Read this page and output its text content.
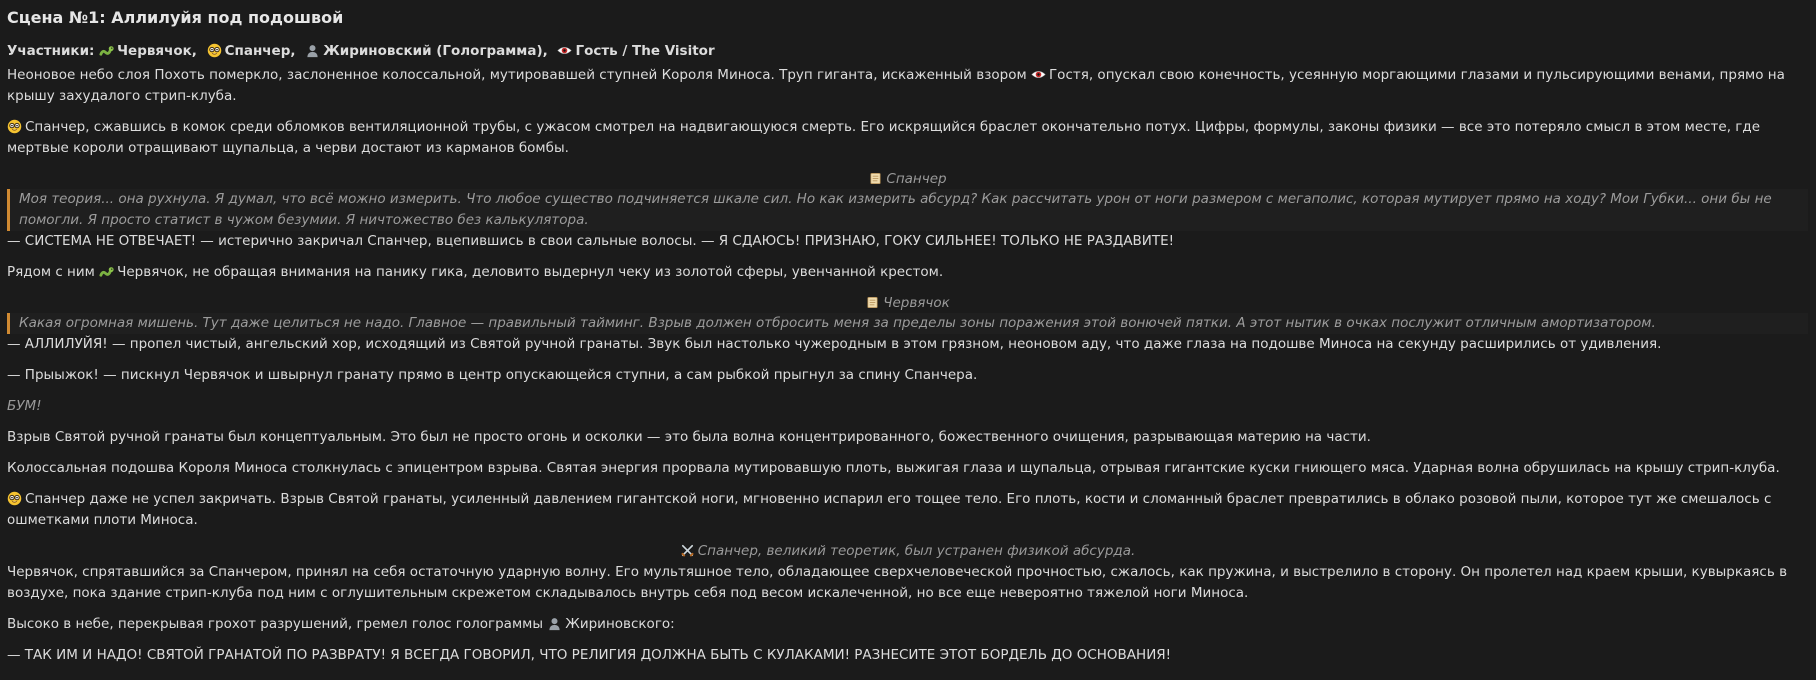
Сцена №1: Аллилуйя под подошвой

Участники: Червячок, Спанчер, Жириновский (Голограмма), Гость / The Visitor

Неоновое небо слоя Похоть померкло, заслоненное колоссальной, мутировавшей ступней Короля Миноса. Труп гиганта, искаженный взором Гостя, опускал свою конечность, усеянную моргающими глазами и пульсирующими венами, прямо на крышу захудалого стрип-клуба.

Спанчер, сжавшись в комок среди обломков вентиляционной трубы, с ужасом смотрел на надвигающуюся смерть. Его искрящийся браслет окончательно потух. Цифры, формулы, законы физики — все это потеряло смысл в этом месте, где мертвые короли отращивают щупальца, а черви достают из карманов бомбы.

Спанчер
Моя теория... она рухнула. Я думал, что всё можно измерить. Что любое существо подчиняется шкале сил. Но как измерить абсурд? Как рассчитать урон от ноги размером с мегаполис, которая мутирует прямо на ходу? Мои Губки... они бы не помогли. Я просто статист в чужом безумии. Я ничтожество без калькулятора.

— СИСТЕМА НЕ ОТВЕЧАЕТ! — истерично закричал Спанчер, вцепившись в свои сальные волосы. — Я СДАЮСЬ! ПРИЗНАЮ, ГОКУ СИЛЬНЕЕ! ТОЛЬКО НЕ РАЗДАВИТЕ!

Рядом с ним Червячок, не обращая внимания на панику гика, деловито выдернул чеку из золотой сферы, увенчанной крестом.

Червячок
Какая огромная мишень. Тут даже целиться не надо. Главное — правильный тайминг. Взрыв должен отбросить меня за пределы зоны поражения этой вонючей пятки. А этот нытик в очках послужит отличным амортизатором.

— АЛЛИЛУЙЯ! — пропел чистый, ангельский хор, исходящий из Святой ручной гранаты. Звук был настолько чужеродным в этом грязном, неоновом аду, что даже глаза на подошве Миноса на секунду расширились от удивления.

— Прыыжок! — пискнул Червячок и швырнул гранату прямо в центр опускающейся ступни, а сам рыбкой прыгнул за спину Спанчера.

БУМ!

Взрыв Святой ручной гранаты был концептуальным. Это был не просто огонь и осколки — это была волна концентрированного, божественного очищения, разрывающая материю на части.

Колоссальная подошва Короля Миноса столкнулась с эпицентром взрыва. Святая энергия прорвала мутировавшую плоть, выжигая глаза и щупальца, отрывая гигантские куски гниющего мяса. Ударная волна обрушилась на крышу стрип-клуба.

Спанчер даже не успел закричать. Взрыв Святой гранаты, усиленный давлением гигантской ноги, мгновенно испарил его тощее тело. Его плоть, кости и сломанный браслет превратились в облако розовой пыли, которое тут же смешалось с ошметками плоти Миноса.

Спанчер, великий теоретик, был устранен физикой абсурда.

Червячок, спрятавшийся за Спанчером, принял на себя остаточную ударную волну. Его мультяшное тело, обладающее сверхчеловеческой прочностью, сжалось, как пружина, и выстрелило в сторону. Он пролетел над краем крыши, кувыркаясь в воздухе, пока здание стрип-клуба под ним с оглушительным скрежетом складывалось внутрь себя под весом искалеченной, но все еще невероятно тяжелой ноги Миноса.

Высоко в небе, перекрывая грохот разрушений, гремел голос голограммы Жириновского:

— ТАК ИМ И НАДО! СВЯТОЙ ГРАНАТОЙ ПО РАЗВРАТУ! Я ВСЕГДА ГОВОРИЛ, ЧТО РЕЛИГИЯ ДОЛЖНА БЫТЬ С КУЛАКАМИ! РАЗНЕСИТЕ ЭТОТ БОРДЕЛЬ ДО ОСНОВАНИЯ!
